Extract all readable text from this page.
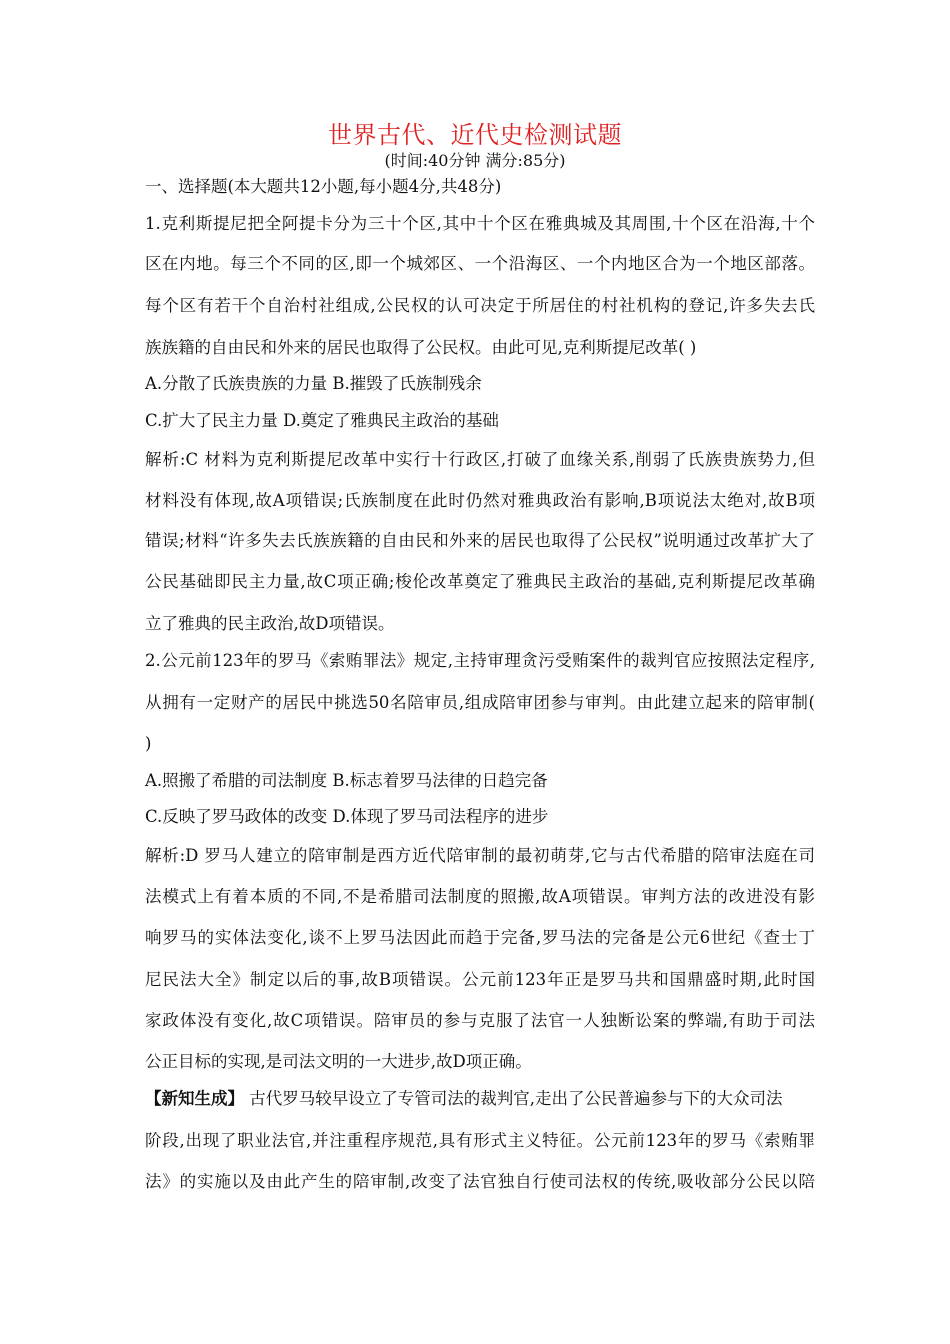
世界古代、近代史检测试题
(时间:40分钟 满分:85分)
一、选择题(本大题共12小题,每小题4分,共48分)
1.克利斯提尼把全阿提卡分为三十个区,其中十个区在雅典城及其周围,十个区在沿海,十个
区在内地。每三个不同的区,即一个城郊区、一个沿海区、一个内地区合为一个地区部落。
每个区有若干个自治村社组成,公民权的认可决定于所居住的村社机构的登记,许多失去氏
族族籍的自由民和外来的居民也取得了公民权。由此可见,克利斯提尼改革( )
A.分散了氏族贵族的力量 B.摧毁了氏族制残余
C.扩大了民主力量 D.奠定了雅典民主政治的基础
解析:C 材料为克利斯提尼改革中实行十行政区,打破了血缘关系,削弱了氏族贵族势力,但
材料没有体现,故A项错误;氏族制度在此时仍然对雅典政治有影响,B项说法太绝对,故B项
错误;材料“许多失去氏族族籍的自由民和外来的居民也取得了公民权”说明通过改革扩大了
公民基础即民主力量,故C项正确;梭伦改革奠定了雅典民主政治的基础,克利斯提尼改革确
立了雅典的民主政治,故D项错误。
2.公元前123年的罗马《索贿罪法》规定,主持审理贪污受贿案件的裁判官应按照法定程序,
从拥有一定财产的居民中挑选50名陪审员,组成陪审团参与审判。由此建立起来的陪审制(
)
A.照搬了希腊的司法制度 B.标志着罗马法律的日趋完备
C.反映了罗马政体的改变 D.体现了罗马司法程序的进步
解析:D 罗马人建立的陪审制是西方近代陪审制的最初萌芽,它与古代希腊的陪审法庭在司
法模式上有着本质的不同,不是希腊司法制度的照搬,故A项错误。审判方法的改进没有影
响罗马的实体法变化,谈不上罗马法因此而趋于完备,罗马法的完备是公元6世纪《查士丁
尼民法大全》制定以后的事,故B项错误。公元前123年正是罗马共和国鼎盛时期,此时国
家政体没有变化,故C项错误。陪审员的参与克服了法官一人独断讼案的弊端,有助于司法
公正目标的实现,是司法文明的一大进步,故D项正确。
【新知生成】 古代罗马较早设立了专管司法的裁判官,走出了公民普遍参与下的大众司法
阶段,出现了职业法官,并注重程序规范,具有形式主义特征。公元前123年的罗马《索贿罪
法》的实施以及由此产生的陪审制,改变了法官独自行使司法权的传统,吸收部分公民以陪
